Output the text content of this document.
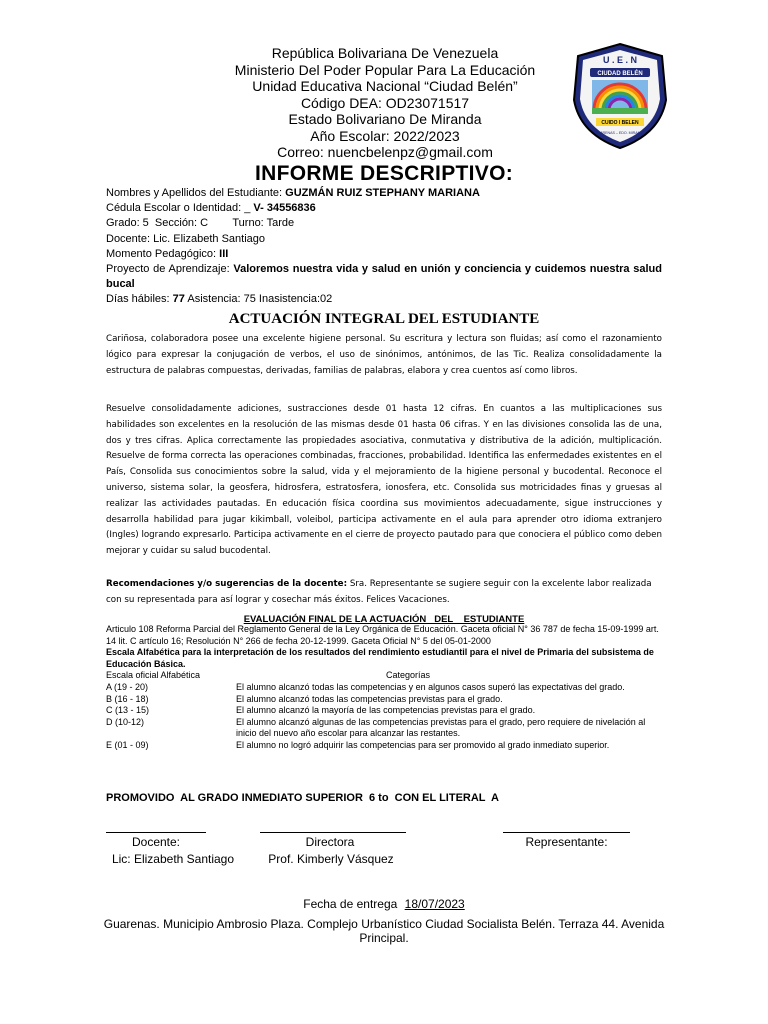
República Bolivariana De Venezuela
Ministerio Del Poder Popular Para La Educación
Unidad Educativa Nacional “Ciudad Belén”
Código DEA: OD23071517
Estado Bolivariano De Miranda
Año Escolar: 2022/2023
Correo: nuencbelenpz@gmail.com
U . E . N
CIUDAD BELÉN
CUIDO I BELEN
GUARENAS – EDO. MIRANDA
INFORME DESCRIPTIVO:
Nombres y Apellidos del Estudiante: GUZMÁN RUIZ STEPHANY MARIANA
Cédula Escolar o Identidad: _ V- 34556836
Grado: 5  Sección: C        Turno: Tarde
Docente: Lic. Elizabeth Santiago
Momento Pedagógico: III
Proyecto de Aprendizaje: Valoremos nuestra vida y salud en unión y conciencia y cuidemos nuestra salud bucal
Días hábiles: 77 Asistencia: 75 Inasistencia:02
ACTUACIÓN INTEGRAL DEL ESTUDIANTE
Cariñosa, colaboradora posee una excelente higiene personal. Su escritura y lectura son fluidas; así como el razonamiento lógico para expresar la conjugación de verbos, el uso de sinónimos, antónimos, de las Tic. Realiza consolidadamente la estructura de palabras compuestas, derivadas, familias de palabras, elabora y crea cuentos así como libros.
Resuelve consolidadamente adiciones, sustracciones desde 01 hasta 12 cifras. En cuantos a las multiplicaciones sus habilidades son excelentes en la resolución de las mismas desde 01 hasta 06 cifras. Y en las divisiones consolida las de una, dos y tres cifras. Aplica correctamente las propiedades asociativa, conmutativa y distributiva de la adición, multiplicación. Resuelve de forma correcta las operaciones combinadas, fracciones, probabilidad. Identifica las enfermedades existentes en el País, Consolida sus conocimientos sobre la salud, vida y el mejoramiento de la higiene personal y bucodental. Reconoce el universo, sistema solar, la geosfera, hidrosfera, estratosfera, ionosfera, etc. Consolida sus motricidades finas y gruesas al realizar las actividades pautadas. En educación física coordina sus movimientos adecuadamente, sigue instrucciones y desarrolla habilidad para jugar kikimball, voleibol, participa activamente en el aula para aprender otro idioma extranjero (Ingles) logrando expresarlo. Participa activamente en el cierre de proyecto pautado para que conociera el público como deben mejorar y cuidar su salud bucodental.
Recomendaciones y/o sugerencias de la docente: Sra. Representante se sugiere seguir con la excelente labor realizada con su representada para así lograr y cosechar más éxitos. Felices Vacaciones.
EVALUACIÓN FINAL DE LA ACTUACIÓN   DEL    ESTUDIANTE
Articulo 108 Reforma Parcial del Reglamento General de la Ley Orgánica de Educación. Gaceta oficial N° 36 787 de fecha 15-09-1999 art. 14 lit. C artículo 16; Resolución N° 266 de fecha 20-12-1999. Gaceta Oficial N° 5 del 05-01-2000
Escala Alfabética para la interpretación de los resultados del rendimiento estudiantil para el nivel de Primaria del subsistema de Educación Básica.
Escala oficial Alfabética	Categorías
A (19 - 20)	El alumno alcanzó todas las competencias y en algunos casos superó las expectativas del grado.
B (16 - 18)	El alumno alcanzó todas las competencias previstas para el grado.
C (13 - 15)	El alumno alcanzó la mayoría de las competencias previstas para el grado.
D (10-12)	El alumno alcanzó algunas de las competencias previstas para el grado, pero requiere de nivelación al inicio del nuevo año escolar para alcanzar las restantes.
E (01 - 09)	El alumno no logró adquirir las competencias para ser promovido al grado inmediato superior.
PROMOVIDO  AL GRADO INMEDIATO SUPERIOR  6 to  CON EL LITERAL  A
Docente:
Lic: Elizabeth Santiago
Directora
Prof. Kimberly Vásquez
Representante:
Fecha de entrega 18/07/2023
Guarenas. Municipio Ambrosio Plaza. Complejo Urbanístico Ciudad Socialista Belén. Terraza 44. Avenida Principal.
